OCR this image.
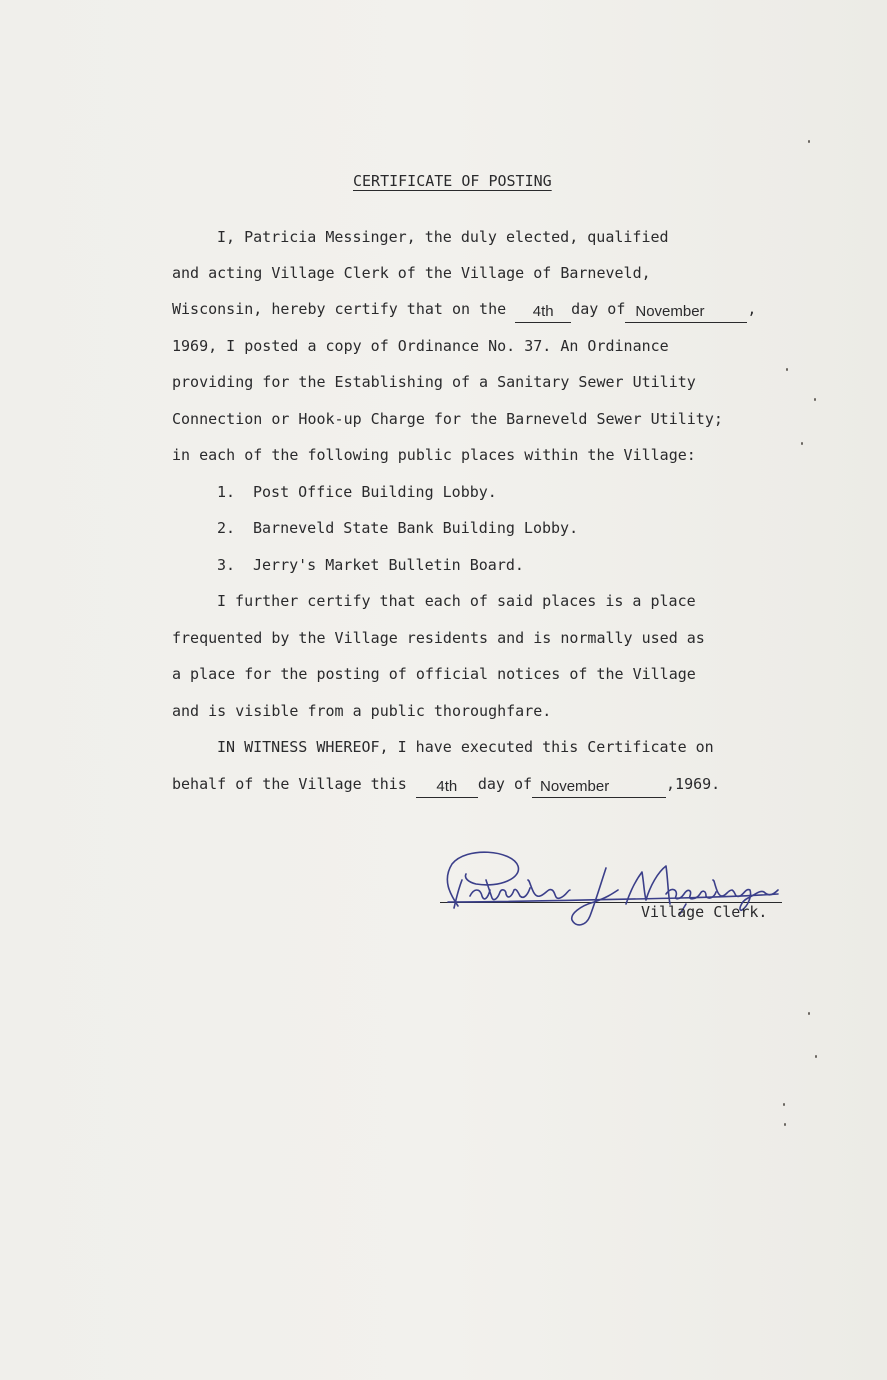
CERTIFICATE OF POSTING
I, Patricia Messinger, the duly elected, qualified
and acting Village Clerk of the Village of Barneveld,
Wisconsin, hereby certify that on the 4th day of November	,
1969, I posted a copy of Ordinance No. 37. An Ordinance
providing for the Establishing of a Sanitary Sewer Utility
Connection or Hook-up Charge for the Barneveld Sewer Utility;
in each of the following public places within the Village:
1. Post Office Building Lobby.
2. Barneveld State Bank Building Lobby.
3. Jerry's Market Bulletin Board.
I further certify that each of said places is a place
frequented by the Village residents and is normally used as
a place for the posting of official notices of the Village
and is visible from a public thoroughfare.
IN WITNESS WHEREOF, I have executed this Certificate on
behalf of the Village this 4th day of November	,1969.
Village Clerk.
